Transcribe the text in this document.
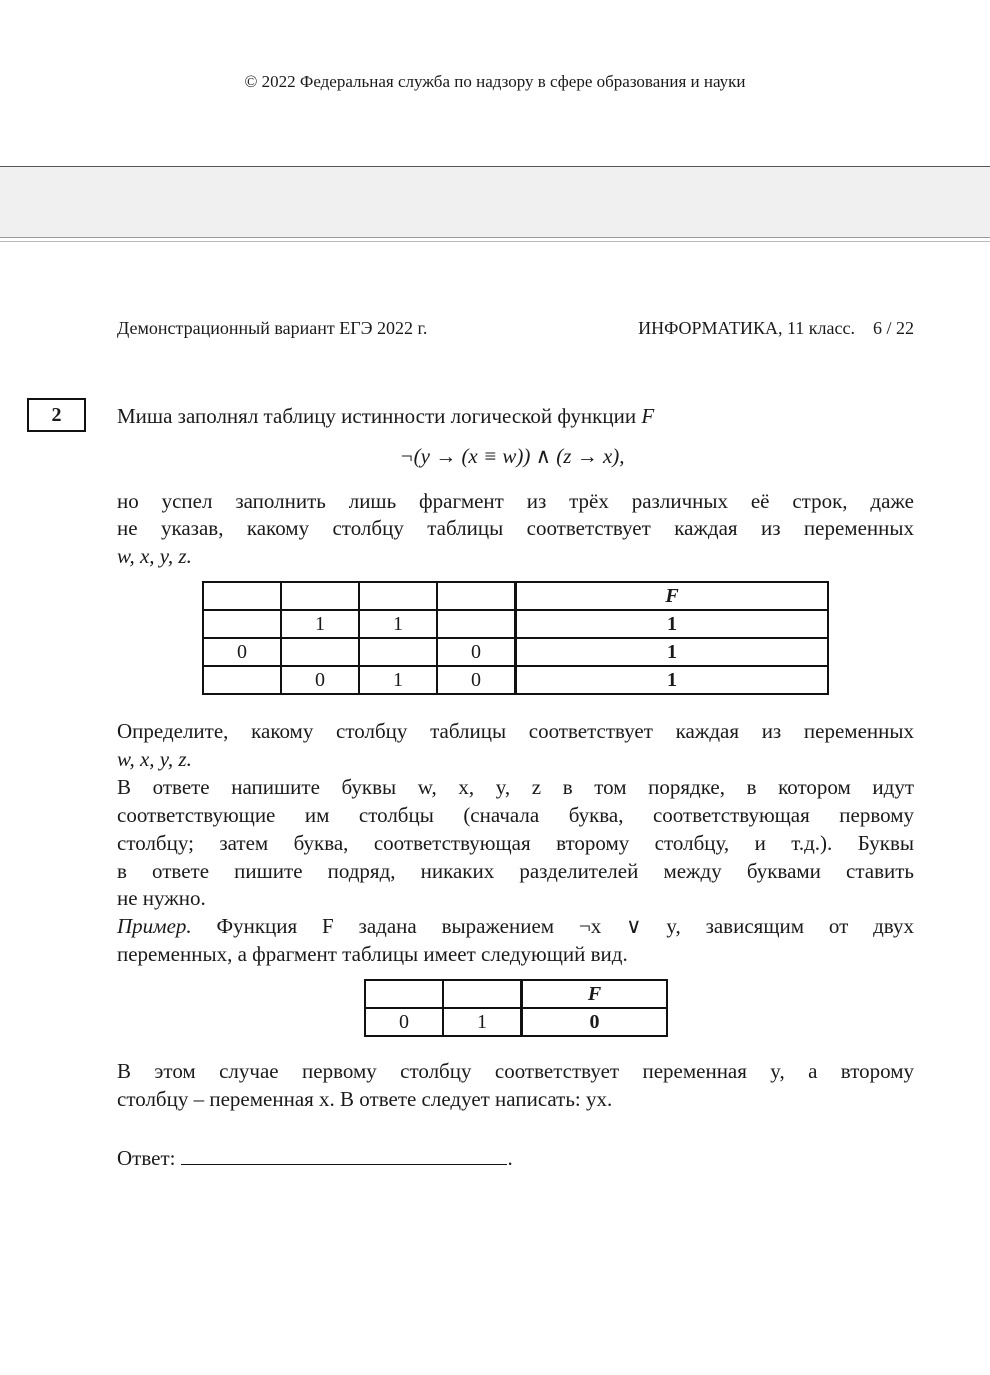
© 2022 Федеральная служба по надзору в сфере образования и науки
Демонстрационный вариант ЕГЭ 2022 г.	ИНФОРМАТИКА, 11 класс.    6 / 22
2	Миша заполнял таблицу истинности логической функции F
¬(y → (x ≡ w)) ∧ (z → x),
но успел заполнить лишь фрагмент из трёх различных её строк, даже
не указав, какому столбцу таблицы соответствует каждая из переменных
w, x, y, z.
				F
	1	1		1
0			0	1
	0	1	0	1
Определите, какому столбцу таблицы соответствует каждая из переменных
w, x, y, z.
В ответе напишите буквы w, x, y, z в том порядке, в котором идут
соответствующие им столбцы (сначала буква, соответствующая первому
столбцу; затем буква, соответствующая второму столбцу, и т.д.). Буквы
в ответе пишите подряд, никаких разделителей между буквами ставить
не нужно.
Пример. Функция F задана выражением ¬x ∨ y, зависящим от двух
переменных, а фрагмент таблицы имеет следующий вид.
		F
0	1	0
В этом случае первому столбцу соответствует переменная y, а второму
столбцу – переменная x. В ответе следует написать: yx.
Ответ:	.
